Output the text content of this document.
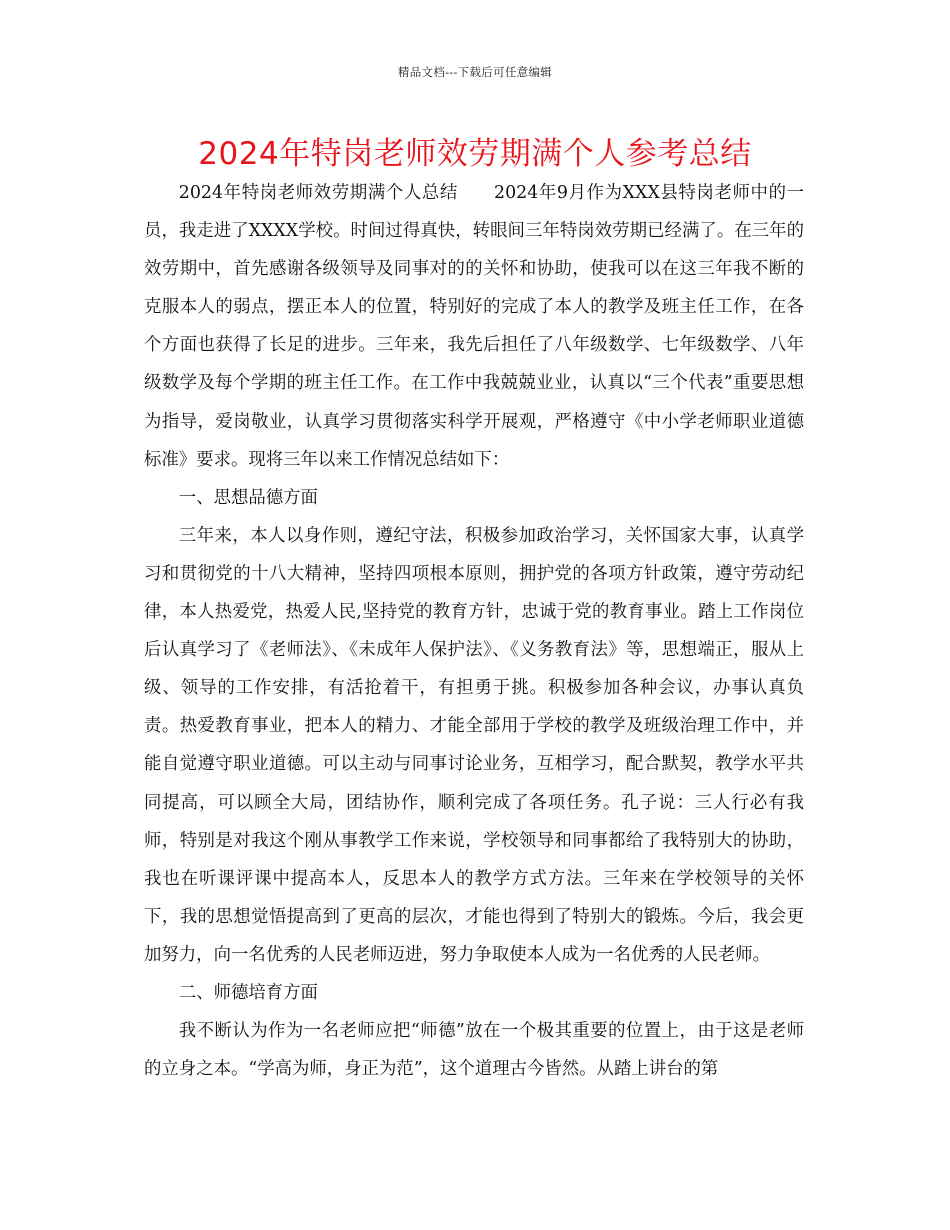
精品文档---下载后可任意编辑
2024年特岗老师效劳期满个人参考总结

2024年特岗老师效劳期满个人总结　　2024年9月作为XXX县特岗老师中的一员，我走进了XXXX学校。时间过得真快，转眼间三年特岗效劳期已经满了。在三年的效劳期中，首先感谢各级领导及同事对的的关怀和协助，使我可以在这三年我不断的克服本人的弱点，摆正本人的位置，特别好的完成了本人的教学及班主任工作，在各个方面也获得了长足的进步。三年来，我先后担任了八年级数学、七年级数学、八年级数学及每个学期的班主任工作。在工作中我兢兢业业，认真以“三个代表”重要思想为指导，爱岗敬业，认真学习贯彻落实科学开展观，严格遵守《中小学老师职业道德标准》要求。现将三年以来工作情况总结如下：

一、思想品德方面

三年来，本人以身作则，遵纪守法，积极参加政治学习，关怀国家大事，认真学习和贯彻党的十八大精神，坚持四项根本原则，拥护党的各项方针政策，遵守劳动纪律，本人热爱党，热爱人民,坚持党的教育方针，忠诚于党的教育事业。踏上工作岗位后认真学习了《老师法》、《未成年人保护法》、《义务教育法》等，思想端正，服从上级、领导的工作安排，有活抢着干，有担勇于挑。积极参加各种会议，办事认真负责。热爱教育事业，把本人的精力、才能全部用于学校的教学及班级治理工作中，并能自觉遵守职业道德。可以主动与同事讨论业务，互相学习，配合默契，教学水平共同提高，可以顾全大局，团结协作，顺利完成了各项任务。孔子说：三人行必有我师，特别是对我这个刚从事教学工作来说，学校领导和同事都给了我特别大的协助，我也在听课评课中提高本人，反思本人的教学方式方法。三年来在学校领导的关怀下，我的思想觉悟提高到了更高的层次，才能也得到了特别大的锻炼。今后，我会更加努力，向一名优秀的人民老师迈进，努力争取使本人成为一名优秀的人民老师。

二、师德培育方面

我不断认为作为一名老师应把“师德”放在一个极其重要的位置上，由于这是老师的立身之本。“学高为师，身正为范”，这个道理古今皆然。从踏上讲台的第
